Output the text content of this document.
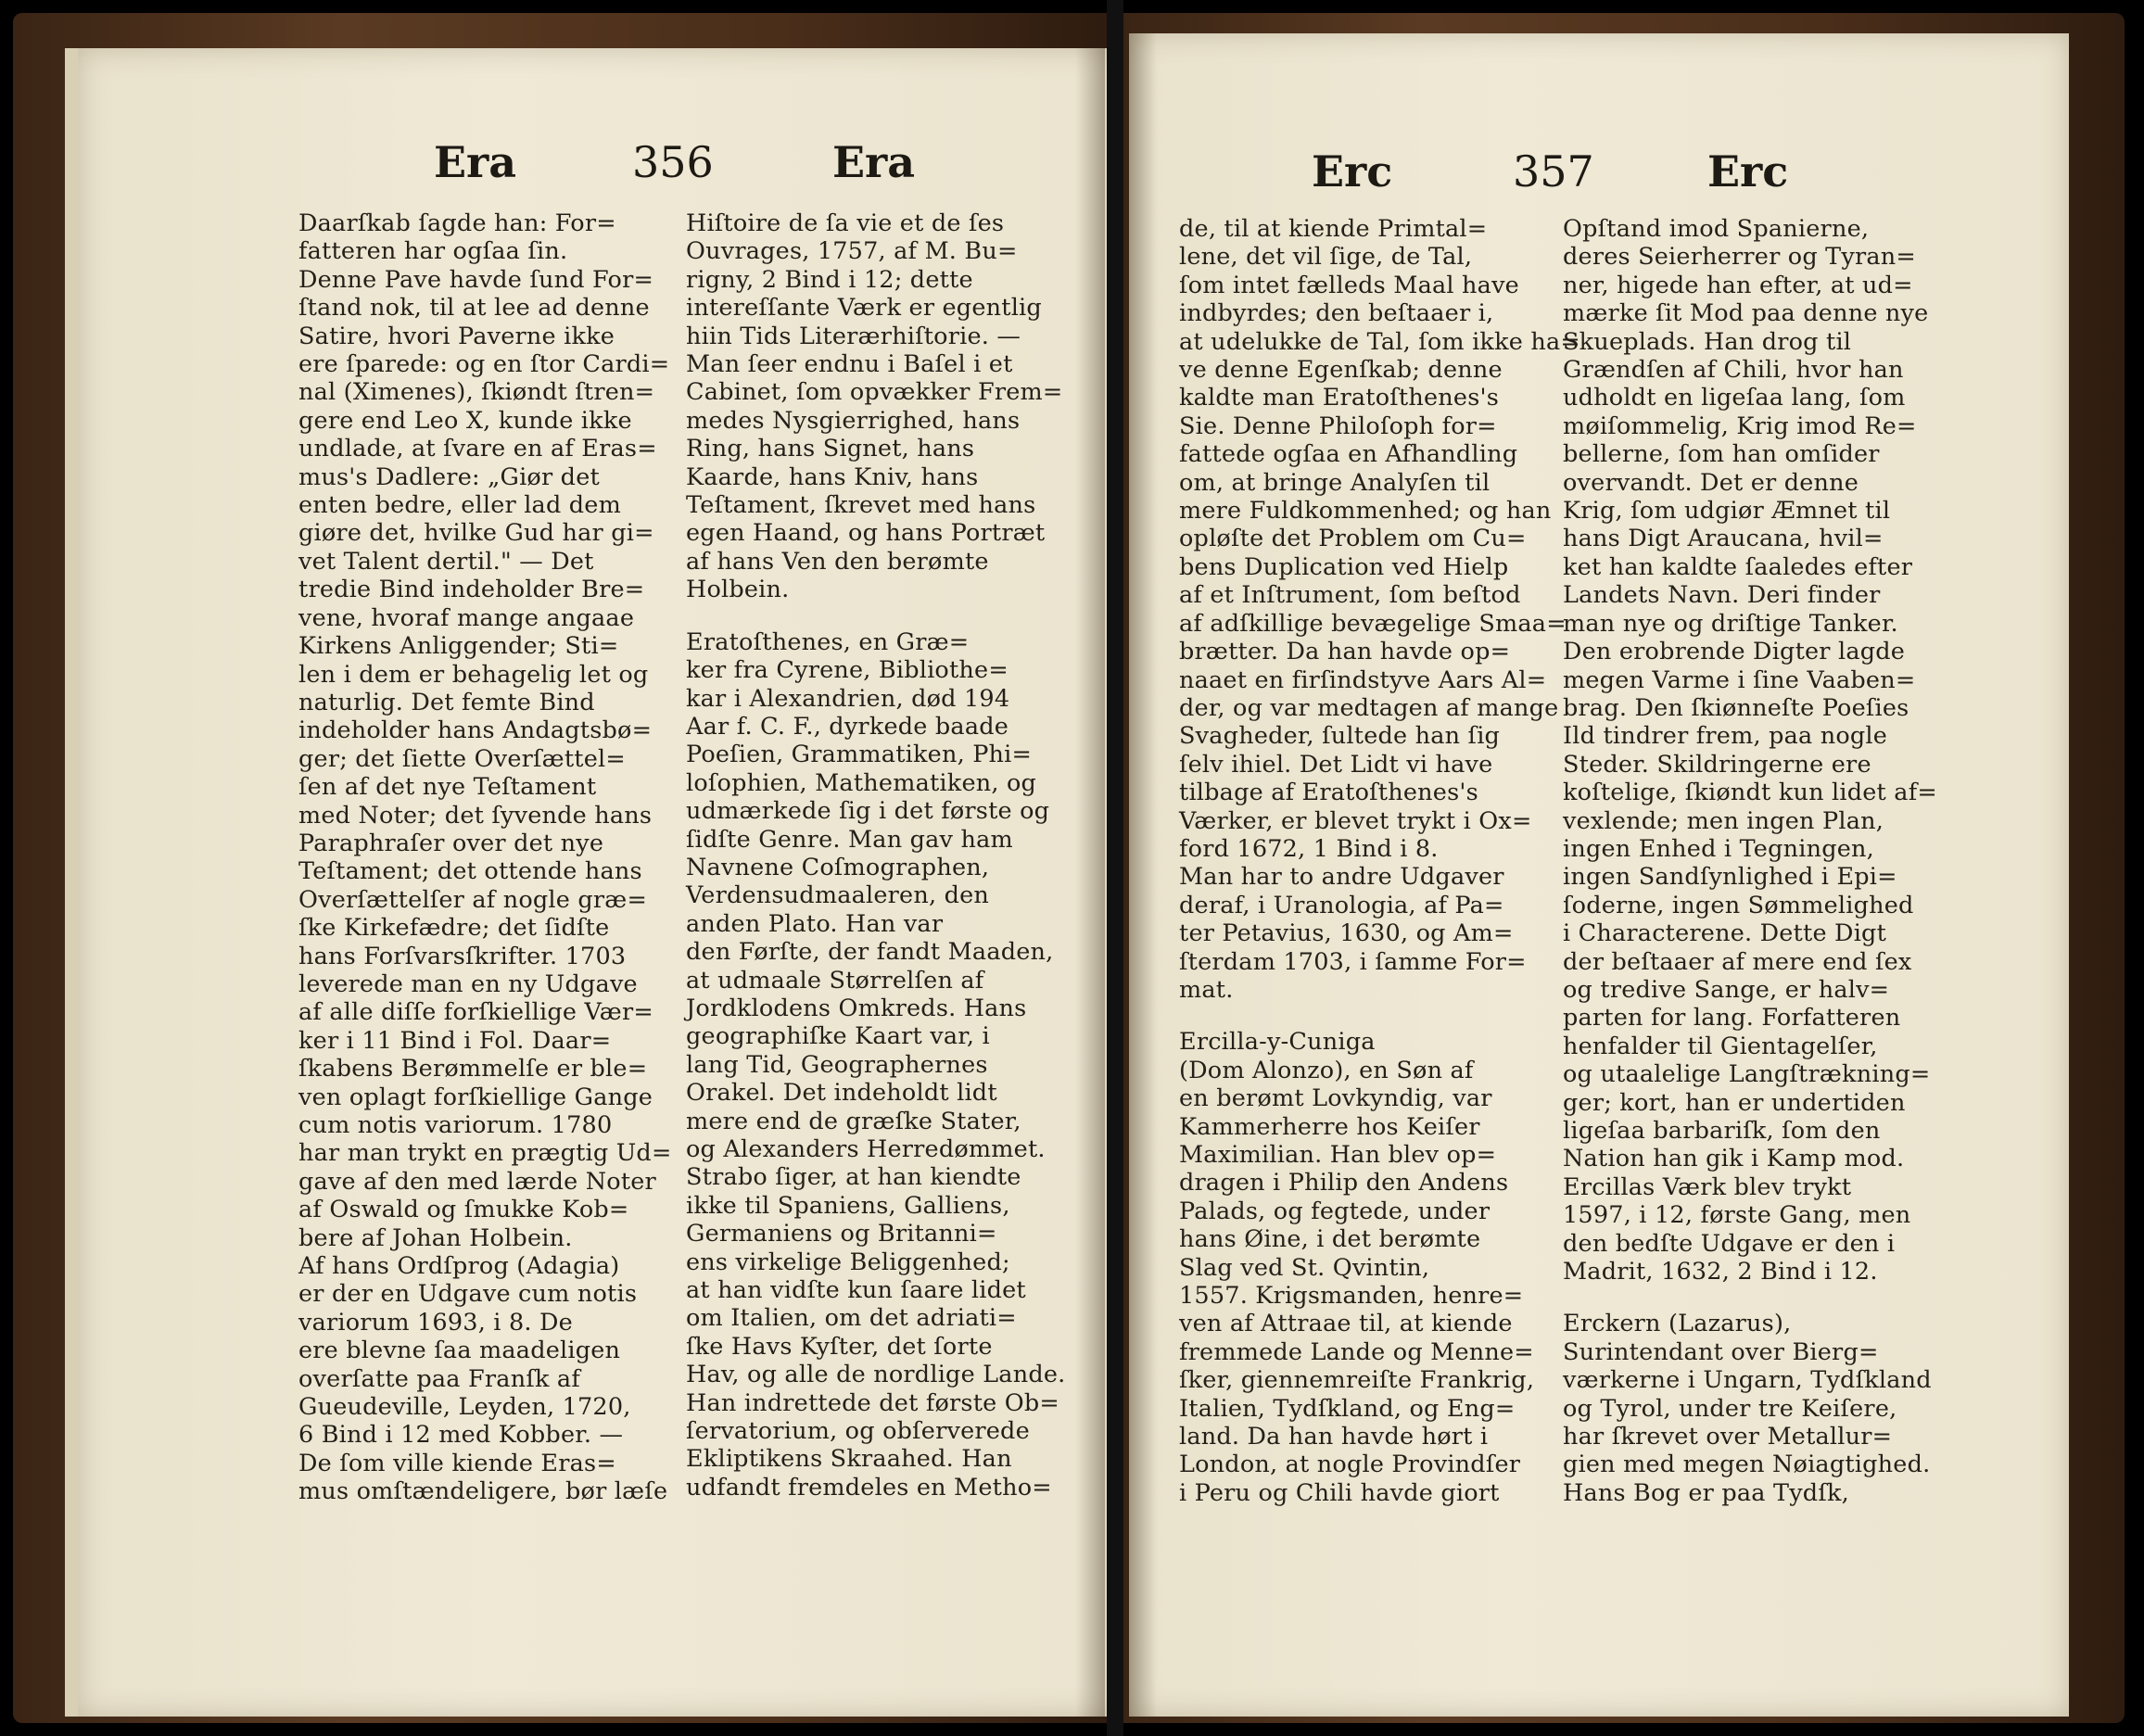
Era	356	Era	Erc	357	Erc

Daarſkab ſagde han: For=

fatteren har ogſaa ſin.

Denne Pave havde ſund For=

ſtand nok, til at lee ad denne

Satire, hvori Paverne ikke

ere ſparede: og en ſtor Cardi=

nal (Ximenes), ſkiøndt ſtren=

gere end Leo X, kunde ikke

undlade, at ſvare en af Eras=

mus's Dadlere: „Giør det

enten bedre, eller lad dem

giøre det, hvilke Gud har gi=

vet Talent dertil." — Det

tredie Bind indeholder Bre=

vene, hvoraf mange angaae

Kirkens Anliggender; Sti=

len i dem er behagelig let og

naturlig. Det femte Bind

indeholder hans Andagtsbø=

ger; det ſiette Overſættel=

ſen af det nye Teſtament

med Noter; det ſyvende hans

Paraphraſer over det nye

Teſtament; det ottende hans

Overſættelſer af nogle græ=

ſke Kirkefædre; det ſidſte

hans Forſvarsſkrifter. 1703

leverede man en ny Udgave

af alle diſſe forſkiellige Vær=

ker i 11 Bind i Fol. Daar=

ſkabens Berømmelſe er ble=

ven oplagt forſkiellige Gange

cum notis variorum. 1780

har man trykt en prægtig Ud=

gave af den med lærde Noter

af Oswald og ſmukke Kob=

bere af Johan Holbein.

Af hans Ordſprog (Adagia)

er der en Udgave cum notis

variorum 1693, i 8. De

ere blevne ſaa maadeligen

overſatte paa Franſk af

Gueudeville, Leyden, 1720,

6 Bind i 12 med Kobber. —

De ſom ville kiende Eras=

mus omſtændeligere, bør læſe

Hiſtoire de ſa vie et de ſes

Ouvrages, 1757, af M. Bu=

rigny, 2 Bind i 12; dette

intereſſante Værk er egentlig

hiin Tids Literærhiſtorie. —

Man ſeer endnu i Baſel i et

Cabinet, ſom opvækker Frem=

medes Nysgierrighed, hans

Ring, hans Signet, hans

Kaarde, hans Kniv, hans

Teſtament, ſkrevet med hans

egen Haand, og hans Portræt

af hans Ven den berømte

Holbein.

Eratoſthenes, en Græ=

ker fra Cyrene, Bibliothe=

kar i Alexandrien, død 194

Aar f. C. F., dyrkede baade

Poeſien, Grammatiken, Phi=

loſophien, Mathematiken, og

udmærkede ſig i det første og

ſidſte Genre. Man gav ham

Navnene Coſmographen,

Verdensudmaaleren, den

anden Plato. Han var

den Førſte, der fandt Maaden,

at udmaale Størrelſen af

Jordklodens Omkreds. Hans

geographiſke Kaart var, i

lang Tid, Geographernes

Orakel. Det indeholdt lidt

mere end de græſke Stater,

og Alexanders Herredømmet.

Strabo ſiger, at han kiendte

ikke til Spaniens, Galliens,

Germaniens og Britanni=

ens virkelige Beliggenhed;

at han vidſte kun ſaare lidet

om Italien, om det adriati=

ſke Havs Kyſter, det ſorte

Hav, og alle de nordlige Lande.

Han indrettede det første Ob=

ſervatorium, og obſerverede

Ekliptikens Skraahed. Han

udfandt fremdeles en Metho=

de, til at kiende Primtal=

lene, det vil ſige, de Tal,

ſom intet fælleds Maal have

indbyrdes; den beſtaaer i,

at udelukke de Tal, ſom ikke ha=

ve denne Egenſkab; denne

kaldte man Eratoſthenes's

Sie. Denne Philoſoph for=

fattede ogſaa en Afhandling

om, at bringe Analyſen til

mere Fuldkommenhed; og han

opløſte det Problem om Cu=

bens Duplication ved Hielp

af et Inſtrument, ſom beſtod

af adſkillige bevægelige Smaa=

brætter. Da han havde op=

naaet en firſindstyve Aars Al=

der, og var medtagen af mange

Svagheder, ſultede han ſig

ſelv ihiel. Det Lidt vi have

tilbage af Eratoſthenes's

Værker, er blevet trykt i Ox=

ford 1672, 1 Bind i 8.

Man har to andre Udgaver

deraf, i Uranologia, af Pa=

ter Petavius, 1630, og Am=

ſterdam 1703, i ſamme For=

mat.

Ercilla-y-Cuniga

(Dom Alonzo), en Søn af

en berømt Lovkyndig, var

Kammerherre hos Keiſer

Maximilian. Han blev op=

dragen i Philip den Andens

Palads, og fegtede, under

hans Øine, i det berømte

Slag ved St. Qvintin,

1557. Krigsmanden, henre=

ven af Attraae til, at kiende

fremmede Lande og Menne=

ſker, giennemreiſte Frankrig,

Italien, Tydſkland, og Eng=

land. Da han havde hørt i

London, at nogle Provindſer

i Peru og Chili havde giort

Opſtand imod Spanierne,

deres Seierherrer og Tyran=

ner, higede han efter, at ud=

mærke ſit Mod paa denne nye

Skueplads. Han drog til

Grændſen af Chili, hvor han

udholdt en ligeſaa lang, ſom

møiſommelig, Krig imod Re=

bellerne, ſom han omſider

overvandt. Det er denne

Krig, ſom udgiør Æmnet til

hans Digt Araucana, hvil=

ket han kaldte ſaaledes efter

Landets Navn. Deri finder

man nye og driſtige Tanker.

Den erobrende Digter lagde

megen Varme i ſine Vaaben=

brag. Den ſkiønneſte Poeſies

Ild tindrer frem, paa nogle

Steder. Skildringerne ere

koſtelige, ſkiøndt kun lidet af=

vexlende; men ingen Plan,

ingen Enhed i Tegningen,

ingen Sandſynlighed i Epi=

ſoderne, ingen Sømmelighed

i Characterene. Dette Digt

der beſtaaer af mere end ſex

og tredive Sange, er halv=

parten for lang. Forfatteren

henfalder til Gientagelſer,

og utaalelige Langſtrækning=

ger; kort, han er undertiden

ligeſaa barbariſk, ſom den

Nation han gik i Kamp mod.

Ercillas Værk blev trykt

1597, i 12, første Gang, men

den bedſte Udgave er den i

Madrit, 1632, 2 Bind i 12.

Erckern (Lazarus),

Surintendant over Bierg=

værkerne i Ungarn, Tydſkland

og Tyrol, under tre Keiſere,

har ſkrevet over Metallur=

gien med megen Nøiagtighed.

Hans Bog er paa Tydſk,
